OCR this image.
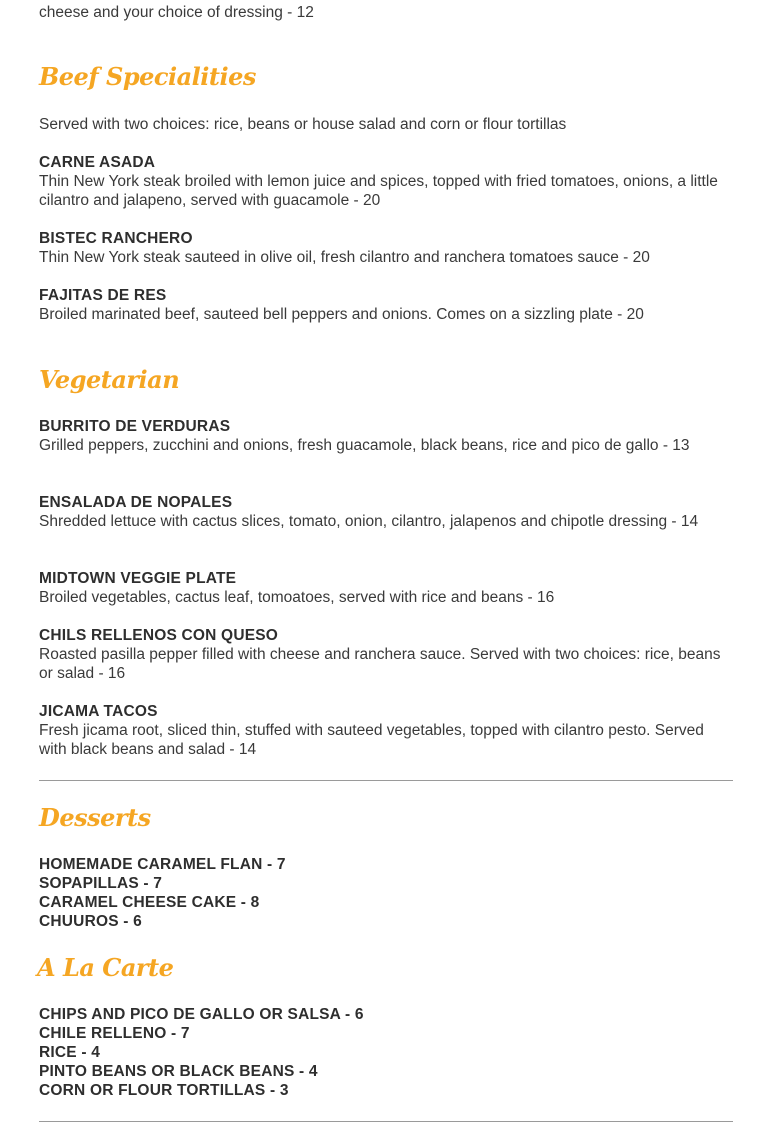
cheese and your choice of dressing - 12
Beef Specialities
Served with two choices: rice, beans or house salad and corn or flour tortillas
CARNE ASADA
Thin New York steak broiled with lemon juice and spices, topped with fried tomatoes, onions, a little cilantro and jalapeno, served with guacamole - 20
BISTEC RANCHERO
Thin New York steak sauteed in olive oil, fresh cilantro and ranchera tomatoes sauce - 20
FAJITAS DE RES
Broiled marinated beef, sauteed bell peppers and onions. Comes on a sizzling plate - 20
Vegetarian
BURRITO DE VERDURAS
Grilled peppers, zucchini and onions, fresh guacamole, black beans, rice and pico de gallo - 13
ENSALADA DE NOPALES
Shredded lettuce with cactus slices, tomato, onion, cilantro, jalapenos and chipotle dressing - 14
MIDTOWN VEGGIE PLATE
Broiled vegetables, cactus leaf, tomoatoes, served with rice and beans - 16
CHILS RELLENOS CON QUESO
Roasted pasilla pepper filled with cheese and ranchera sauce. Served with two choices: rice, beans or salad - 16
JICAMA TACOS
Fresh jicama root, sliced thin, stuffed with sauteed vegetables, topped with cilantro pesto. Served with black beans and salad - 14
Desserts
HOMEMADE CARAMEL FLAN - 7
SOPAPILLAS - 7
CARAMEL CHEESE CAKE - 8
CHUUROS - 6
A La Carte
CHIPS AND PICO DE GALLO OR SALSA - 6
CHILE RELLENO - 7
RICE - 4
PINTO BEANS OR BLACK BEANS - 4
CORN OR FLOUR TORTILLAS - 3
